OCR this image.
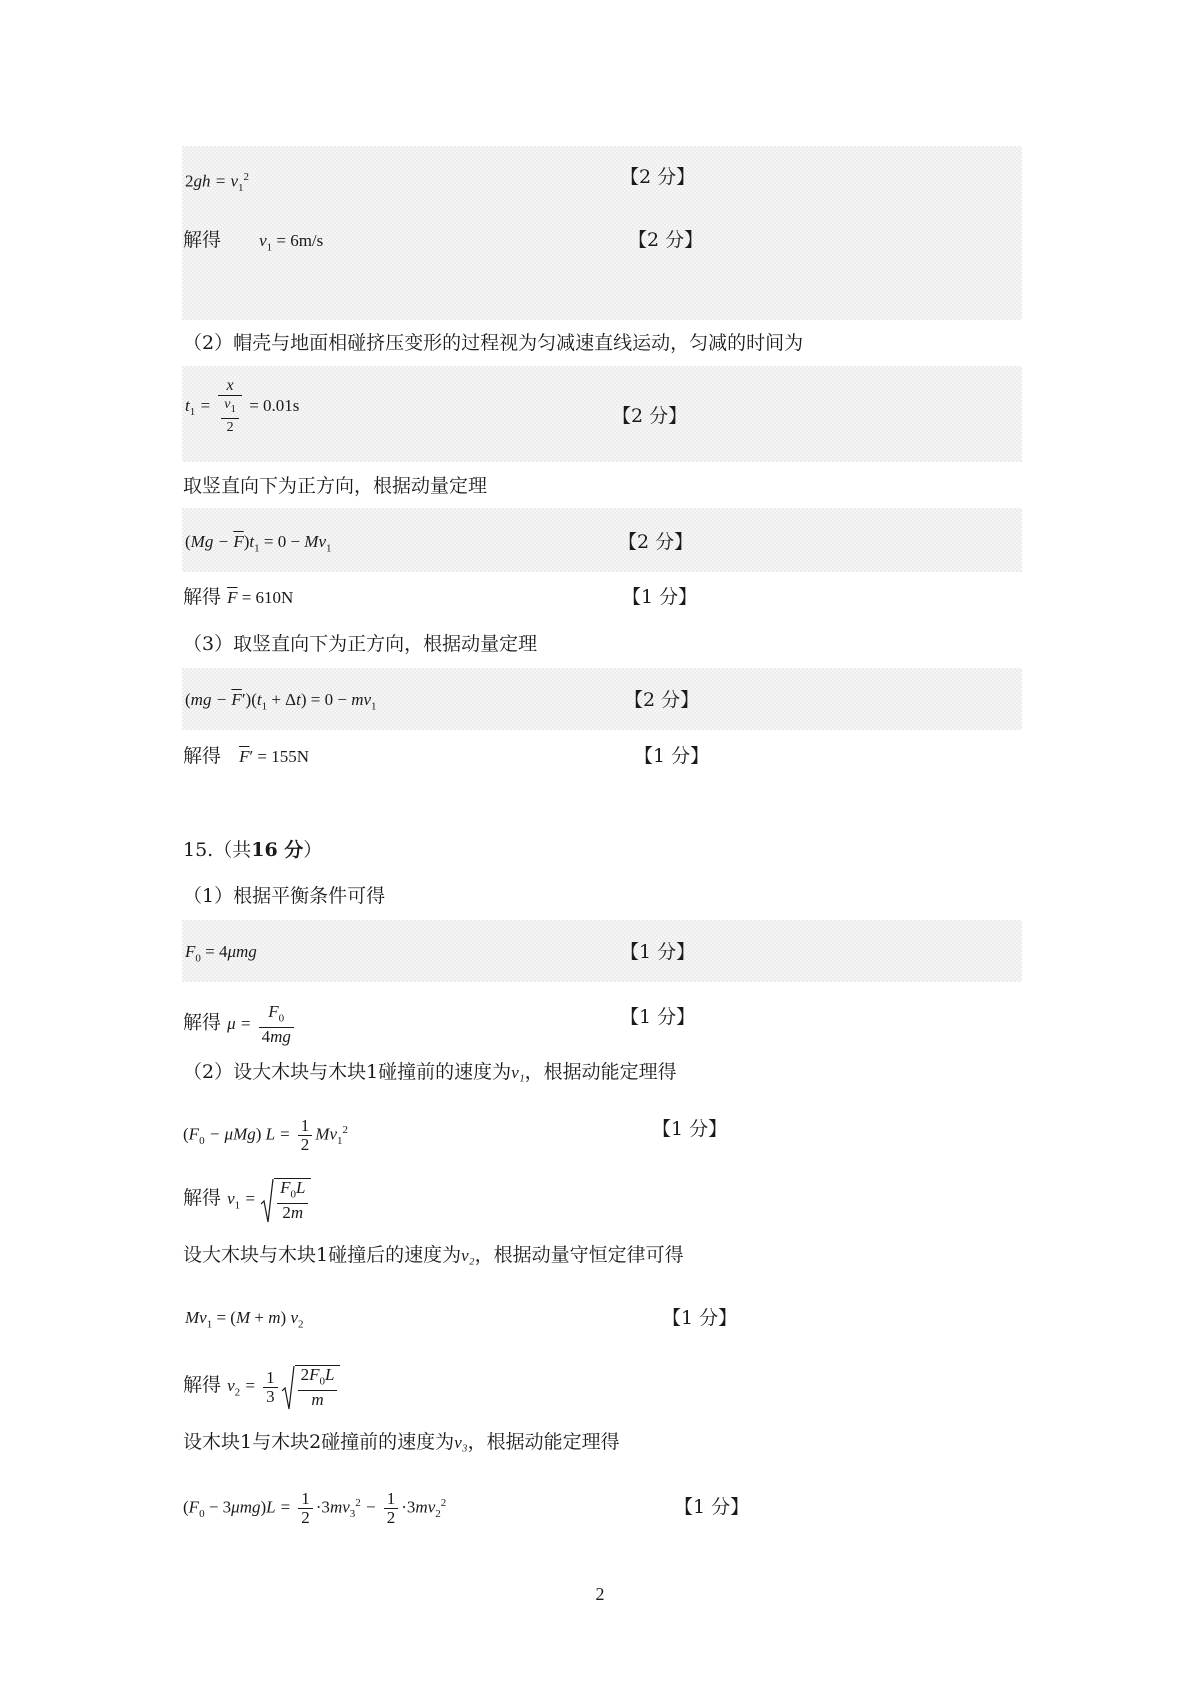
$2gh = v_1^2$	【2 分】
解得 $v_1 = 6m/s$	【2 分】
（2）帽壳与地面相碰挤压变形的过程视为匀减速直线运动，匀减的时间为
$t_1 = \frac{x}{\frac{v_1}{2}} = 0.01s$	【2 分】
取竖直向下为正方向，根据动量定理
$(Mg - \overline{F})t_1 = 0 - Mv_1$	【2 分】
解得 $\overline{F} = 610N$	【1 分】
（3）取竖直向下为正方向，根据动量定理
$(mg - \overline{F}')(t_1 + \Delta t) = 0 - mv_1$	【2 分】
解得 $\overline{F}' = 155N$	【1 分】
15.（共16 分）
（1）根据平衡条件可得
$F_0 = 4\mu mg$	【1 分】
解得 $\mu = \frac{F_0}{4mg}$	【1 分】
（2）设大木块与木块1碰撞前的速度为v₁，根据动能定理得
$(F_0 - \mu Mg) L = \frac{1}{2} Mv_1^2$	【1 分】
解得 $v_1 = \frac{F_0L}{2m}$
设大木块与木块1碰撞后的速度为v₂，根据动量守恒定律可得
$Mv_1 = (M + m)$ $v_2$	【1 分】
解得 $v_2 = \frac{1}{3} \frac{2F_0L}{m}$
设木块1与木块2碰撞前的速度为v₃，根据动能定理得
$(F_0 - 3\mu mg)L = \frac{1}{2} \cdot 3mv_3^2 - \frac{1}{2} \cdot 3mv_2^2$	【1 分】
2
